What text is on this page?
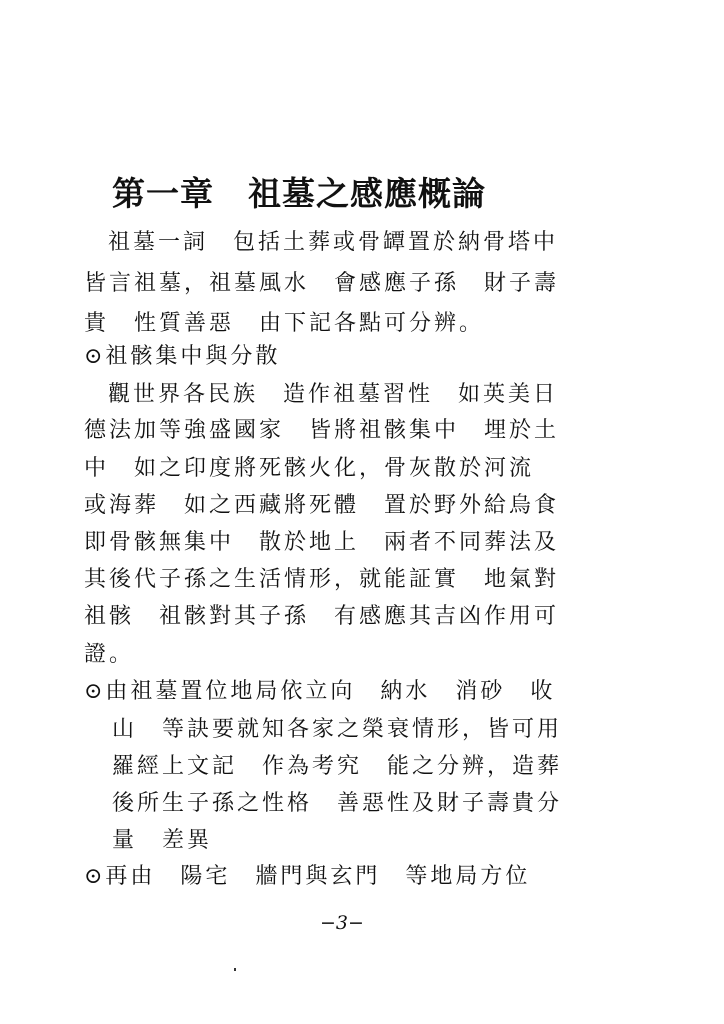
第一章　祖墓之感應概論
祖墓一詞　包括土葬或骨罈置於納骨塔中
皆言祖墓，祖墓風水　會感應子孫　財子壽
貴　性質善惡　由下記各點可分辨。
⊙祖骸集中與分散
觀世界各民族　造作祖墓習性　如英美日
德法加等強盛國家　皆將祖骸集中　埋於土
中　如之印度將死骸火化，骨灰散於河流
或海葬　如之西藏將死體　置於野外給烏食
即骨骸無集中　散於地上　兩者不同葬法及
其後代子孫之生活情形，就能証實　地氣對
祖骸　祖骸對其子孫　有感應其吉凶作用可
證。
⊙由祖墓置位地局依立向　納水　消砂　收
山　等訣要就知各家之榮衰情形，皆可用
羅經上文記　作為考究　能之分辨，造葬
後所生子孫之性格　善惡性及財子壽貴分
量　差異
⊙再由　陽宅　牆門與玄門　等地局方位
−3−
